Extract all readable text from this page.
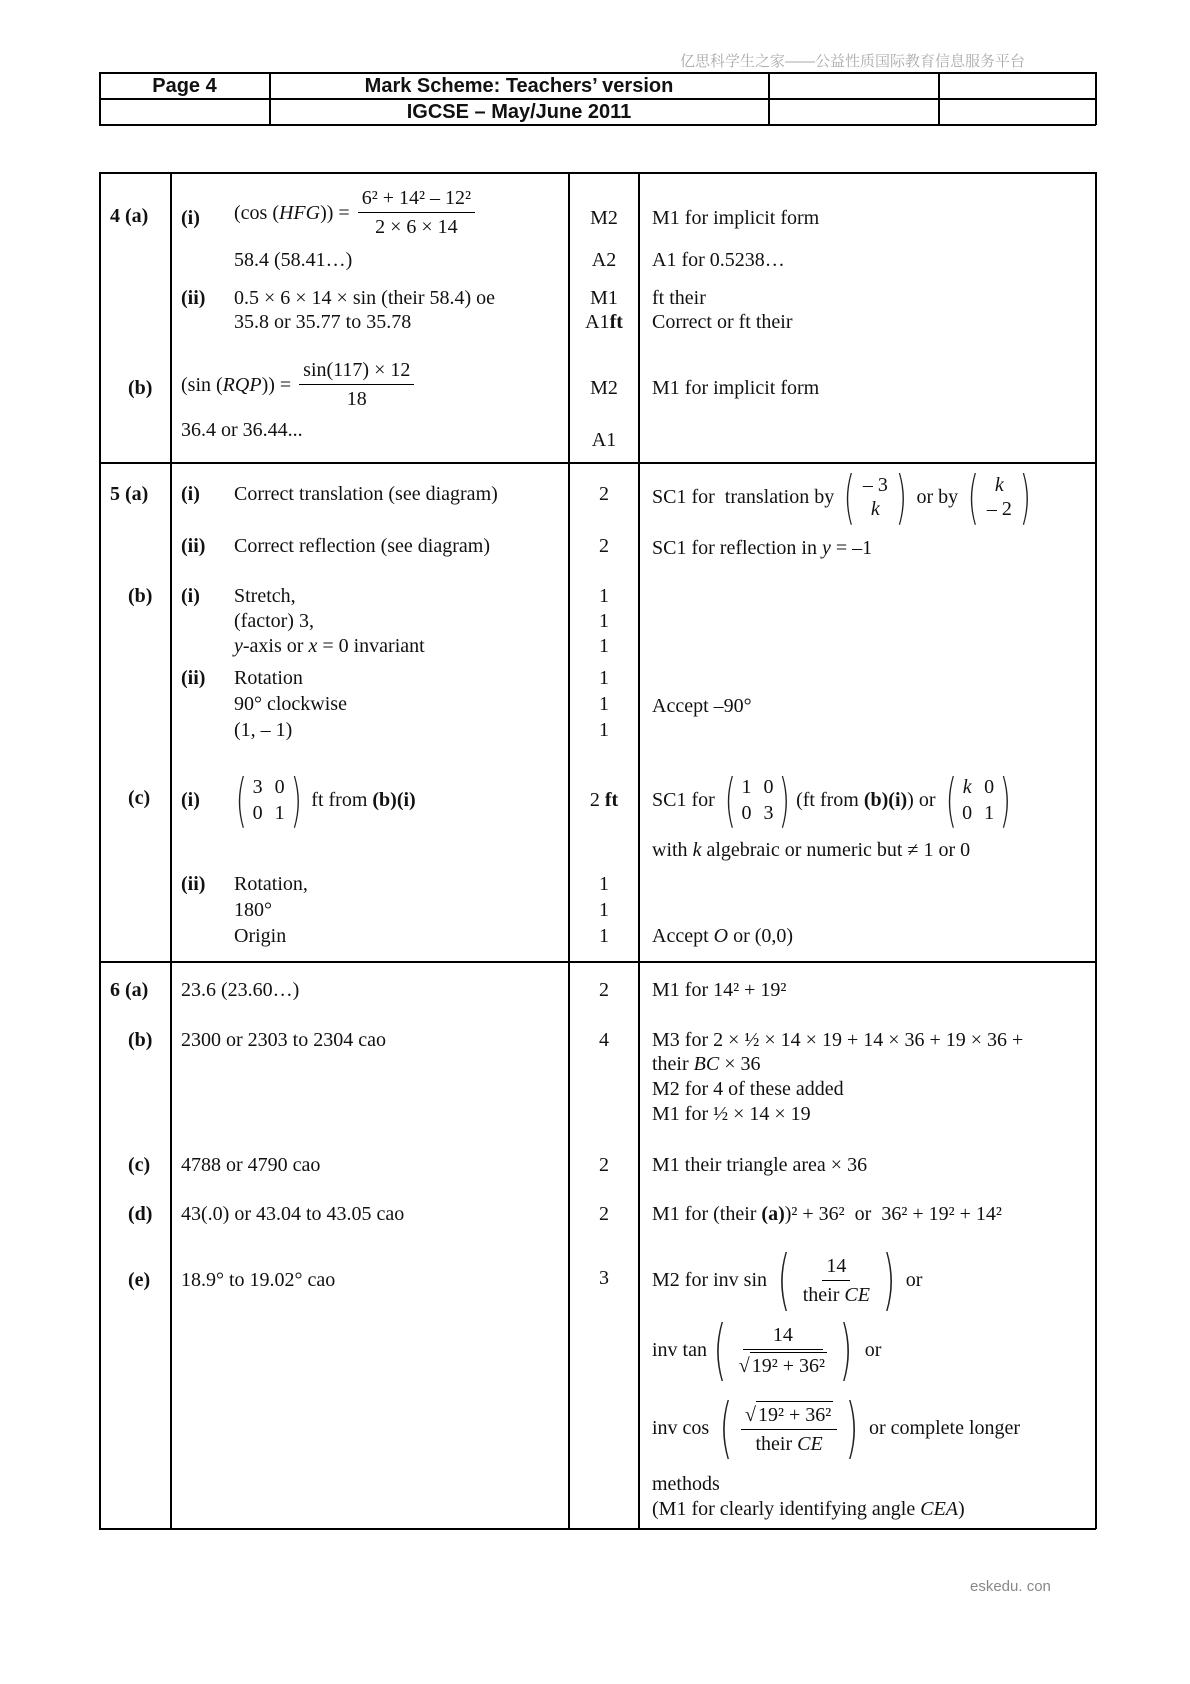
亿思科学生之家——公益性质国际教育信息服务平台
eskedu. con
Page 4	Mark Scheme: Teachers’ version
IGCSE – May/June 2011
4 (a) (i) (cos ( HFG )) = $\frac{\text{6² + 14² – 12²}}{2 \times 6 \times 14}$
58.4 (58.41…)
(ii) 0.5 × 6 × 14 × sin (their 58.4) oe
35.8 or 35.77 to 35.78
(b) (sin ( RQP )) = $\frac{\sin(117) \times 12}{18}$
36.4 or 36.44...
M2
A2
M1
A1ft
M2
A1
M1 for implicit form
A1 for 0.5238…
ft their
Correct or ft their
M1 for implicit form
5 (a) (i) Correct translation (see diagram)
(ii) Correct reflection (see diagram)
(b) (i) Stretch,
(factor) 3,
y-axis or x = 0 invariant
(ii) Rotation
90° clockwise
(1, – 1)
(c) (i) ( 3 0
0 1 ) ft from (b)(i)
(ii) Rotation,
180°
Origin
2
2
1
1
1
1
1
1
2 ft
1
1
1
SC1 for  translation by ( – 3
k ) or by ( k
– 2 )
SC1 for reflection in y = –1
Accept –90°
SC1 for ( 1 0
0 3 ) (ft from (b)(i) ) or ( k 0
0 1 )
with k algebraic or numeric but ≠ 1 or 0
Accept O or (0,0)
6 (a) 23.6 (23.60…)
(b) 2300 or 2303 to 2304 cao
(c) 4788 or 4790 cao
(d) 43(.0) or 43.04 to 43.05 cao
(e) 18.9° to 19.02° cao
2
4
2
2
3
M1 for 14² + 19²
M3 for 2 × ½ × 14 × 19 + 14 × 36 + 19 × 36 +
their BC × 36
M2 for 4 of these added
M1 for ½ × 14 × 19
M1 their triangle area × 36
M1 for (their (a))² + 36²  or  36² + 19² + 14²
M2 for inv sin ( $\frac{14}{\text{their CE}}$ ) or
inv tan ( $\frac{14}{\text{√ 19² + 36²}}$ ) or
inv cos ( $\frac{\text{√ 19² + 36²}}{\text{their CE}}$ ) or complete longer
methods
(M1 for clearly identifying angle CEA)
